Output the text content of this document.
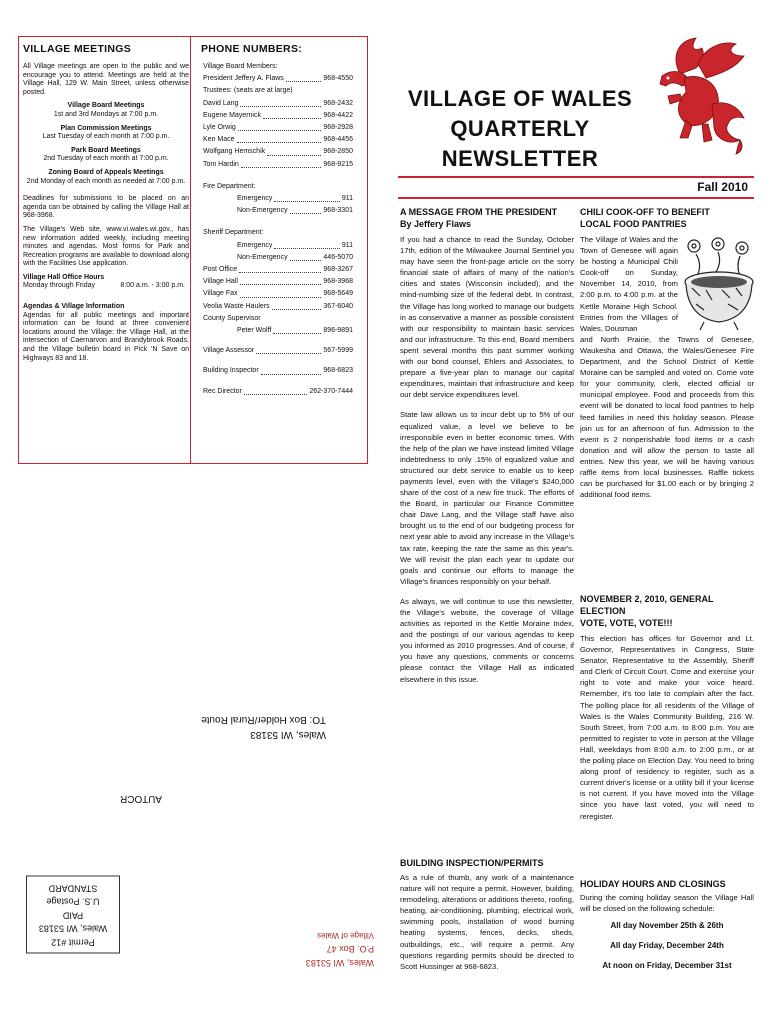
VILLAGE MEETINGS

All Village meetings are open to the public and we encourage you to attend. Meetings are held at the Village Hall, 129 W. Main Street, unless otherwise posted.

Village Board Meetings
1st and 3rd Mondays at 7:00 p.m.
Plan Commission Meetings
Last Tuesday of each month at 7:00 p.m.
Park Board Meetings
2nd Tuesday of each month at 7:00 p.m.
Zoning Board of Appeals Meetings
2nd Monday of each month as needed at 7:00 p.m.

Deadlines for submissions to be placed on an agenda can be obtained by calling the Village Hall at 968-3968.

The Village's Web site, www.vi.wales.wi.gov., has new information added weekly, including meeting minutes and agendas. Most forms for Park and Recreation programs are available to download along with the Facilities Use application.

Village Hall Office Hours
Monday through Friday	8:00 a.m. - 3:00 p.m.
Agendas & Village Information

Agendas for all public meetings and important information can be found at three convenient locations around the Village: the Village Hall, at the intersection of Caernarvon and Brandybrook Roads, and the Village bulletin board in Pick 'N Save on Highways 83 and 18.

PHONE NUMBERS:
Village Board Members:
President Jeffery A. Flaws	968-4550
Trustees: (seats are at large)
David Lang	968-2432
Eugene Mayernick	968-4422
Lyle Orwig	968-2928
Ken Mace	968-4456
Wolfgang Hemschik	968-2850
Tom Hardin	968-9215
Fire Department:
Emergency	911
Non-Emergency	968-3301
Sheriff Department:
Emergency	911
Non-Emergency	446-5070
Post Office	968-3267
Village Hall	968-3968
Village Fax	968-5649
Veolia Waste Haulers	367-6040
County Supervisor
Peter Wolff	896-9891
Village Assessor	567-5999
Building Inspector	968-6823
Rec Director	262-370-7444
VILLAGE OF WALES
QUARTERLY NEWSLETTER
Fall 2010
A MESSAGE FROM THE PRESIDENT
By Jeffery Flaws

If you had a chance to read the Sunday, October 17th, edition of the Milwaukee Journal Sentinel you may have seen the front-page article on the sorry financial state of affairs of many of the nation's cities and states (Wisconsin included), and the mind-numbing size of the federal debt. In contrast, the Village has long worked to manage our budgets in as conservative a manner as possible consistent with our responsibility to maintain basic services and our infrastructure. To this end, Board members spent several months this past summer working with our bond counsel, Ehlers and Associates, to prepare a five-year plan to manage our capital expenditures, maintain that infrastructure and keep our debt service expenditures level.

State law allows us to incur debt up to 5% of our equalized value, a level we believe to be irresponsible even in better economic times. With the help of the plan we have instead limited Village indebtedness to only .15% of equalized value and structured our debt service to enable us to keep payments level, even with the Village's $240,000 share of the cost of a new fire truck. The efforts of the Board, in particular our Finance Committee chair Dave Lang, and the Village staff have also brought us to the end of our budgeting process for next year able to avoid any increase in the Village's tax rate, keeping the rate the same as this year's. We will revisit the plan each year to update our goals and continue our efforts to manage the Village's finances responsibly on your behalf.

As always, we will continue to use this newsletter, the Village's website, the coverage of Village activities as reported in the Kettle Moraine Index, and the postings of our various agendas to keep you informed as 2010 progresses. And of course, if you have any questions, comments or concerns please contact the Village Hall as indicated elsewhere in this issue.

CHILI COOK-OFF TO BENEFIT
LOCAL FOOD PANTRIES
The Village of Wales and the Town of Genesee will again be hosting a Municipal Chili Cook-off on Sunday, November 14, 2010, from 2:00 p.m. to 4:00 p.m. at the Kettle Moraine High School. Entries from the Villages of Wales, Dousman
and North Prairie, the Towns of Genesee, Waukesha and Ottawa, the Wales/Genesee Fire Department, and the School District of Kettle Moraine can be sampled and voted on. Come vote for your community, clerk, elected official or municipal employee. Food and proceeds from this event will be donated to local food pantries to help feed families in need this holiday season. Please join us for an afternoon of fun. Admission to the event is 2 nonperishable food items or a cash donation and will allow the person to taste all entries. New this year, we will be having various raffle items from local businesses. Raffle tickets can be purchased for $1.00 each or by bringing 2 additional food items.
NOVEMBER 2, 2010, GENERAL ELECTION
VOTE, VOTE, VOTE!!!
This election has offices for Governor and Lt. Governor, Representatives in Congress, State Senator, Representative to the Assembly, Sheriff and Clerk of Circuit Court. Come and exercise your right to vote and make your voice heard. Remember, it's too late to complain after the fact. The polling place for all residents of the Village of Wales is the Wales Community Building, 216 W. South Street, from 7:00 a.m. to 8:00 p.m. You are permitted to register to vote in person at the Village Hall, weekdays from 8:00 a.m. to 2:00 p.m., or at the polling place on Election Day. You need to bring along proof of residency to register, such as a current driver's license or a utility bill if your license is not current. If you have moved into the Village since you have last voted, you will need to reregister.
BUILDING INSPECTION/PERMITS
As a rule of thumb, any work of a maintenance nature will not require a permit. However, building, remodeling, alterations or additions thereto, roofing, heating, air-conditioning, plumbing, electrical work, swimming pools, installation of wood burning heating systems, fences, decks, sheds, outbuildings, etc., will require a permit. Any questions regarding permits should be directed to Scott Hussinger at 968-6823.
HOLIDAY HOURS AND CLOSINGS
During the coming holiday season the Village Hall will be closed on the following schedule:
All day November 25th & 26th
All day Friday, December 24th
At noon on Friday, December 31st
Wales, WI 53183
TO: Box Holder/Rural Route
AUTOCR
Wales, WI 53183
P.O. Box 47
Village of Wales
Permit #12
Wales, WI 53183
PAID
U.S. Postage
STANDARD
